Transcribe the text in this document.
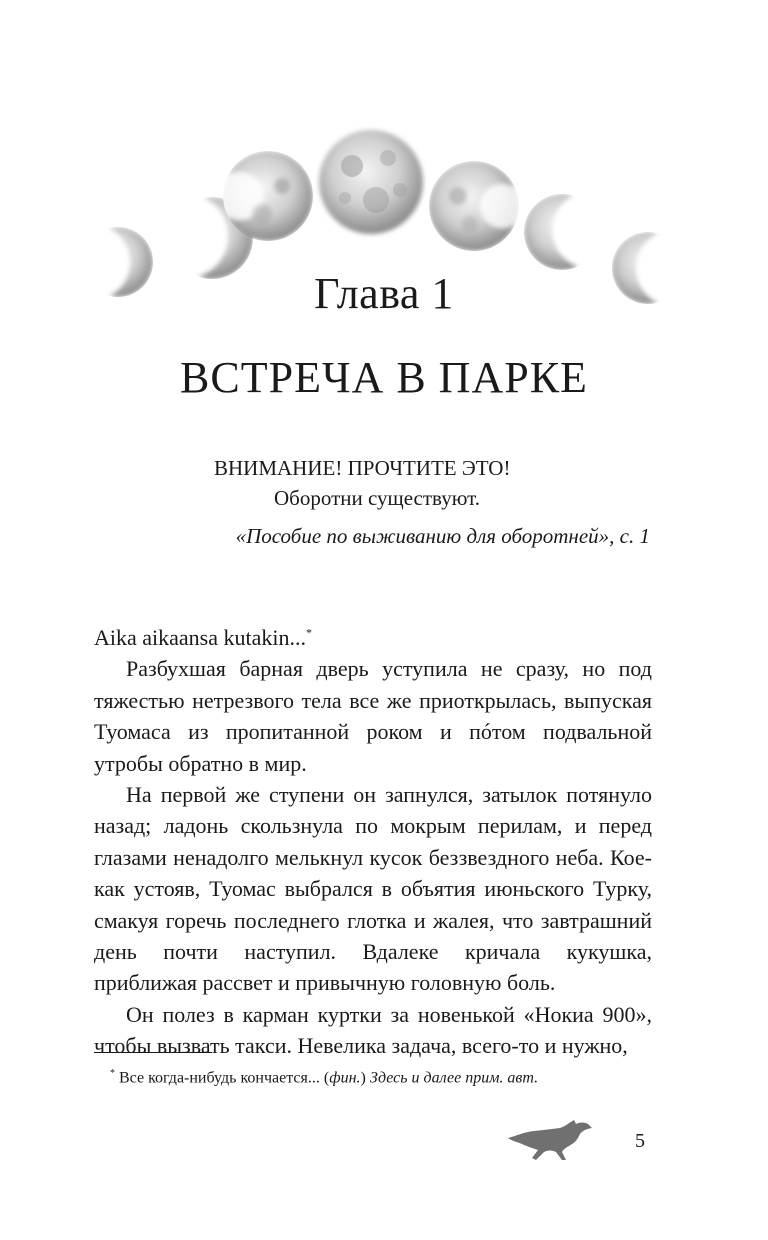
Глава 1
ВСТРЕЧА В ПАРКЕ
ВНИМАНИЕ! ПРОЧТИТЕ ЭТО!
Оборотни существуют.
«Пособие по выживанию для оборотней», с. 1

Aika aikaansa kutakin...*

Разбухшая барная дверь уступила не сразу, но под тяжестью нетрезвого тела все же приоткрылась, выпуская Туомаса из пропитанной роком и пóтом подвальной утробы обратно в мир.

На первой же ступени он запнулся, затылок потянуло назад; ладонь скользнула по мокрым перилам, и перед глазами ненадолго мелькнул кусок беззвездного неба. Кое-как устояв, Туомас выбрался в объятия июньского Турку, смакуя горечь последнего глотка и жалея, что завтрашний день почти наступил. Вдалеке кричала кукушка, приближая рассвет и привычную головную боль.

Он полез в карман куртки за новенькой «Нокиа 900», чтобы вызвать такси. Невелика задача, всего-то и нужно,

* Все когда-нибудь кончается... (фин.) Здесь и далее прим. авт.
5
